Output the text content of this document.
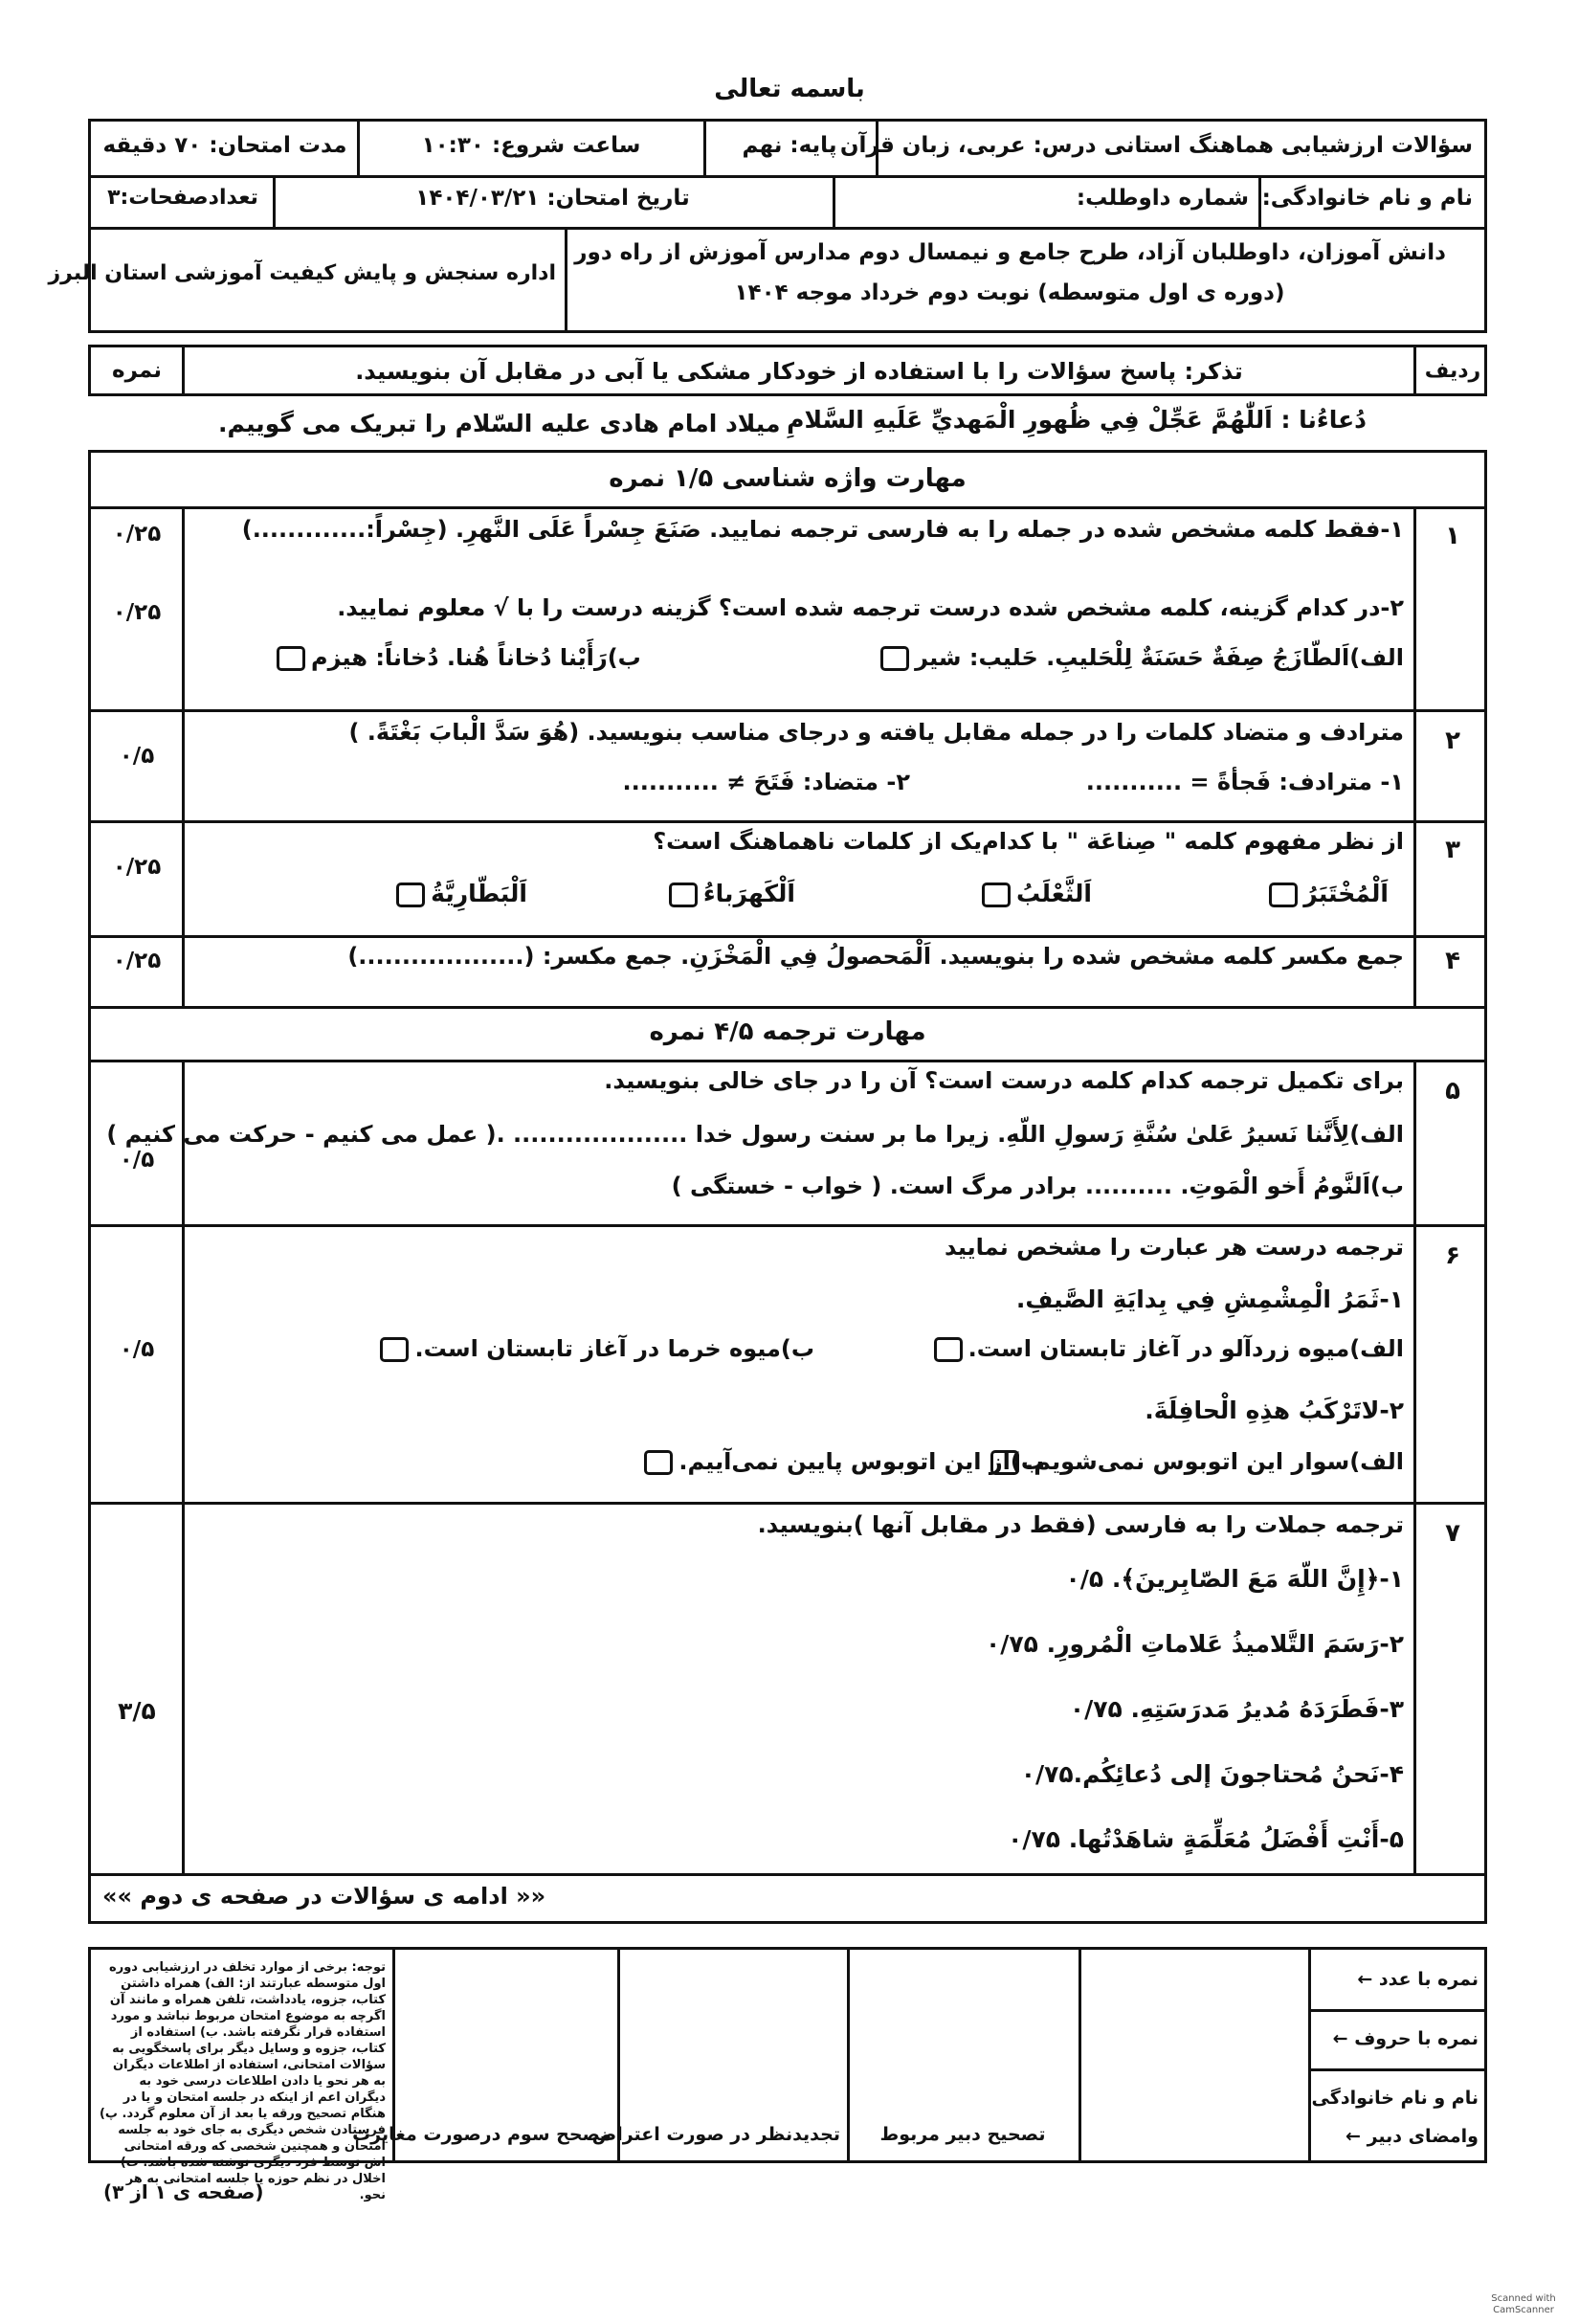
باسمه تعالی
سؤالات ارزشیابی هماهنگ استانی درس: عربی، زبان قرآن
پایه: نهم
ساعت شروع: ۱۰:۳۰
مدت امتحان: ۷۰ دقیقه
نام و نام خانوادگی:
شماره داوطلب:
تاریخ امتحان: ۱۴۰۴/۰۳/۲۱
تعدادصفحات:۳
دانش آموزان، داوطلبان آزاد، طرح جامع و نیمسال دوم مدارس آموزش از راه دور
(دوره ی اول متوسطه) نوبت دوم خرداد موجه ۱۴۰۴
اداره سنجش و پایش کیفیت آموزشی استان البرز
ردیف
تذکر: پاسخ سؤالات را با استفاده از خودکار مشکی یا آبی در مقابل آن بنویسید.
نمره
دُعاءُنا : اَللّٰهُمَّ عَجِّلْ فِي ظُهورِ الْمَهديِّ عَلَيهِ السَّلامِ
میلاد امام هادی علیه السّلام را تبریک می گوییم.
مهارت واژه شناسی ۱/۵ نمره
۱
۱-فقط کلمه مشخص شده در جمله را به فارسی ترجمه نمایید. صَنَعَ جِسْراً عَلَى النَّهرِ. (جِسْراً:.............)
۰/۲۵
۲-در کدام گزینه، کلمه مشخص شده درست ترجمه شده است؟ گزینه درست را با √ معلوم نمایید.
۰/۲۵
الف)اَلطّازَجُ صِفَةٌ حَسَنَةٌ لِلْحَليبِ. حَليب: شير
ب)رَأَيْنا دُخاناً هُنا. دُخاناً: هيزم
۲
مترادف و متضاد کلمات را در جمله مقابل یافته و درجای مناسب بنویسید. (هُوَ سَدَّ الْبابَ بَغْتَةً. )
۱- مترادف: فَجأةً = ...........
۲- متضاد: فَتَحَ ≠ ...........
۰/۵
۳
از نظر مفهوم کلمه " صِناعَة " با کدام‌یک از کلمات ناهماهنگ است؟
۰/۲۵
اَلْمُخْتَبَرُ
اَلثَّعْلَبُ
اَلْكَهرَباءُ
اَلْبَطّارِيَّةُ
۴
جمع مکسر کلمه مشخص شده را بنویسید. اَلْمَحصولُ فِي الْمَخْزَنِ. جمع مکسر: (...................)
۰/۲۵
مهارت ترجمه ۴/۵ نمره
۵
برای تکمیل ترجمه کدام کلمه درست است؟ آن را در جای خالی بنویسید.
الف)لِأَنَّنا نَسيرُ عَلىٰ سُنَّةِ رَسولِ اللّهِ. زیرا ما بر سنت رسول خدا .................... .( عمل می کنیم - حرکت می کنیم )
ب)اَلنَّومُ أَخو الْمَوتِ. .......... برادر مرگ است. ( خواب - خستگی )
۰/۵
۶
ترجمه درست هر عبارت را مشخص نمایید
۱-ثَمَرُ الْمِشْمِشِ فِي بِدايَةِ الصَّيفِ.
الف)میوه زردآلو در آغاز تابستان است.
ب)میوه خرما در آغاز تابستان است.
۲-لاتَرْكَبُ هذِهِ الْحافِلَةَ.
الف)سوار این اتوبوس نمی‌شویم.
ب)از این اتوبوس پایین نمی‌آییم.
۰/۵
۷
ترجمه جملات را به فارسی (فقط در مقابل آنها )بنویسید.
۱-﴿إِنَّ اللّهَ مَعَ الصّابِرينَ﴾. ۰/۵
۲-رَسَمَ التَّلاميذُ عَلاماتِ الْمُرورِ. ۰/۷۵
۳-فَطَرَدَهُ مُديرُ مَدرَسَتِهِ. ۰/۷۵
۴-نَحنُ مُحتاجونَ إلى دُعائِكُم.۰/۷۵
۵-أَنْتِ أَفْضَلُ مُعَلِّمَةٍ شاهَدْتُها. ۰/۷۵
۳/۵
«« ادامه ی سؤالات در صفحه ی دوم »»
توجه: برخی از موارد تخلف در ارزشیابی دوره اول متوسطه عبارتند از: الف) همراه داشتن کتاب، جزوه، یادداشت، تلفن همراه و مانند آن اگرچه به موضوع امتحان مربوط نباشد و مورد استفاده قرار نگرفته باشد. ب) استفاده از کتاب، جزوه و وسایل دیگر برای پاسخگویی به سؤالات امتحانی، استفاده از اطلاعات دیگران به هر نحو یا دادن اطلاعات درسی خود به دیگران اعم از اینکه در جلسه امتحان و یا در هنگام تصحیح ورقه یا بعد از آن معلوم گردد. پ) فرستادن شخص دیگری به جای خود به جلسه امتحان و همچنین شخصی که ورقه امتحانی اش توسط فرد دیگری نوشته شده باشد. ت) اخلال در نظم حوزه یا جلسه امتحانی به هر نحو.
مصحح سوم درصورت مغایرت
تجدیدنظر در صورت اعتراض	تصحیح دبیر مربوط
نمره با عدد ←
نمره با حروف ←
نام و نام خانوادگی
وامضای دبیر ←
(صفحه ی ۱ از ۳)
Scanned with CamScanner
